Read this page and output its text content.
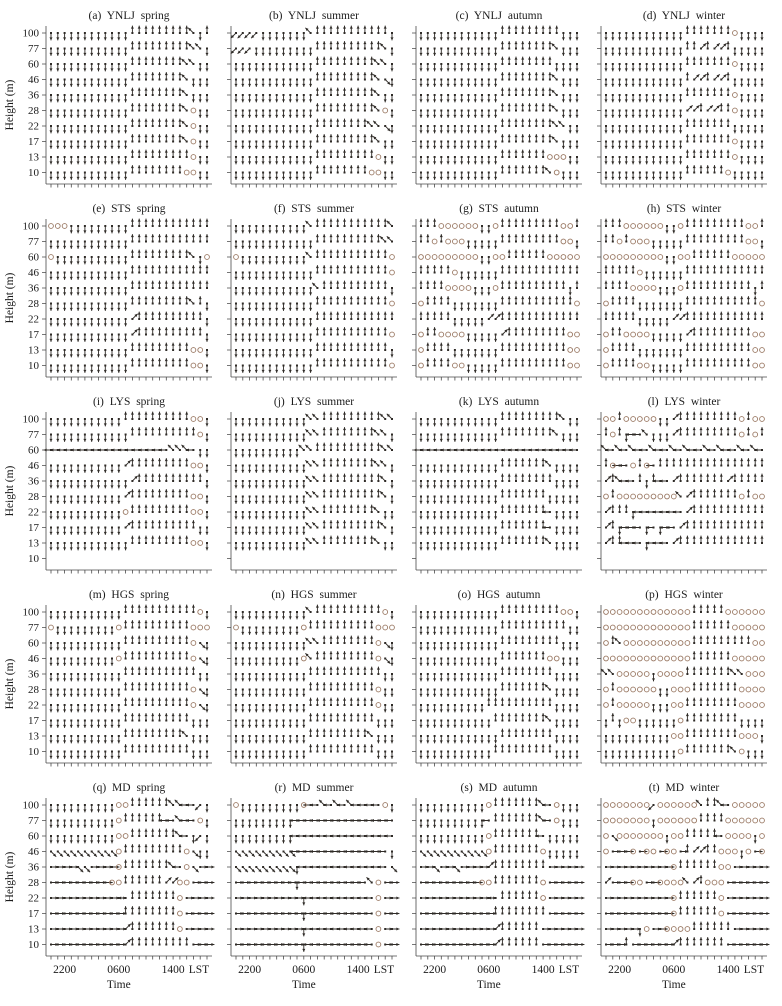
(a) YNLJ spring
100
77
60
46
36
28
22
17
13
10
Height (m)
(b) YNLJ summer	(c) YNLJ autumn	(d) YNLJ winter
(e) STS spring
100
77
60
46
36
28
22
17
13
10
Height (m)
(f) STS summer	(g) STS autumn	(h) STS winter
(i) LYS spring
100
77
60
46
36
28
22
17
13
10
Height (m)
(j) LYS summer	(k) LYS autumn	(l) LYS winter
(m) HGS spring
100
77
60
46
36
28
22
17
13
10
Height (m)
(n) HGS summer	(o) HGS autumn	(p) HGS winter
(q) MD spring
100
77
60
46
36
28
22
17
13
10
Height (m)
2200	0600	1400 LST
Time
(r) MD summer
2200	0600	1400 LST
Time
(s) MD autumn
2200	0600	1400 LST
Time
(t) MD winter
2200	0600	1400 LST
Time
